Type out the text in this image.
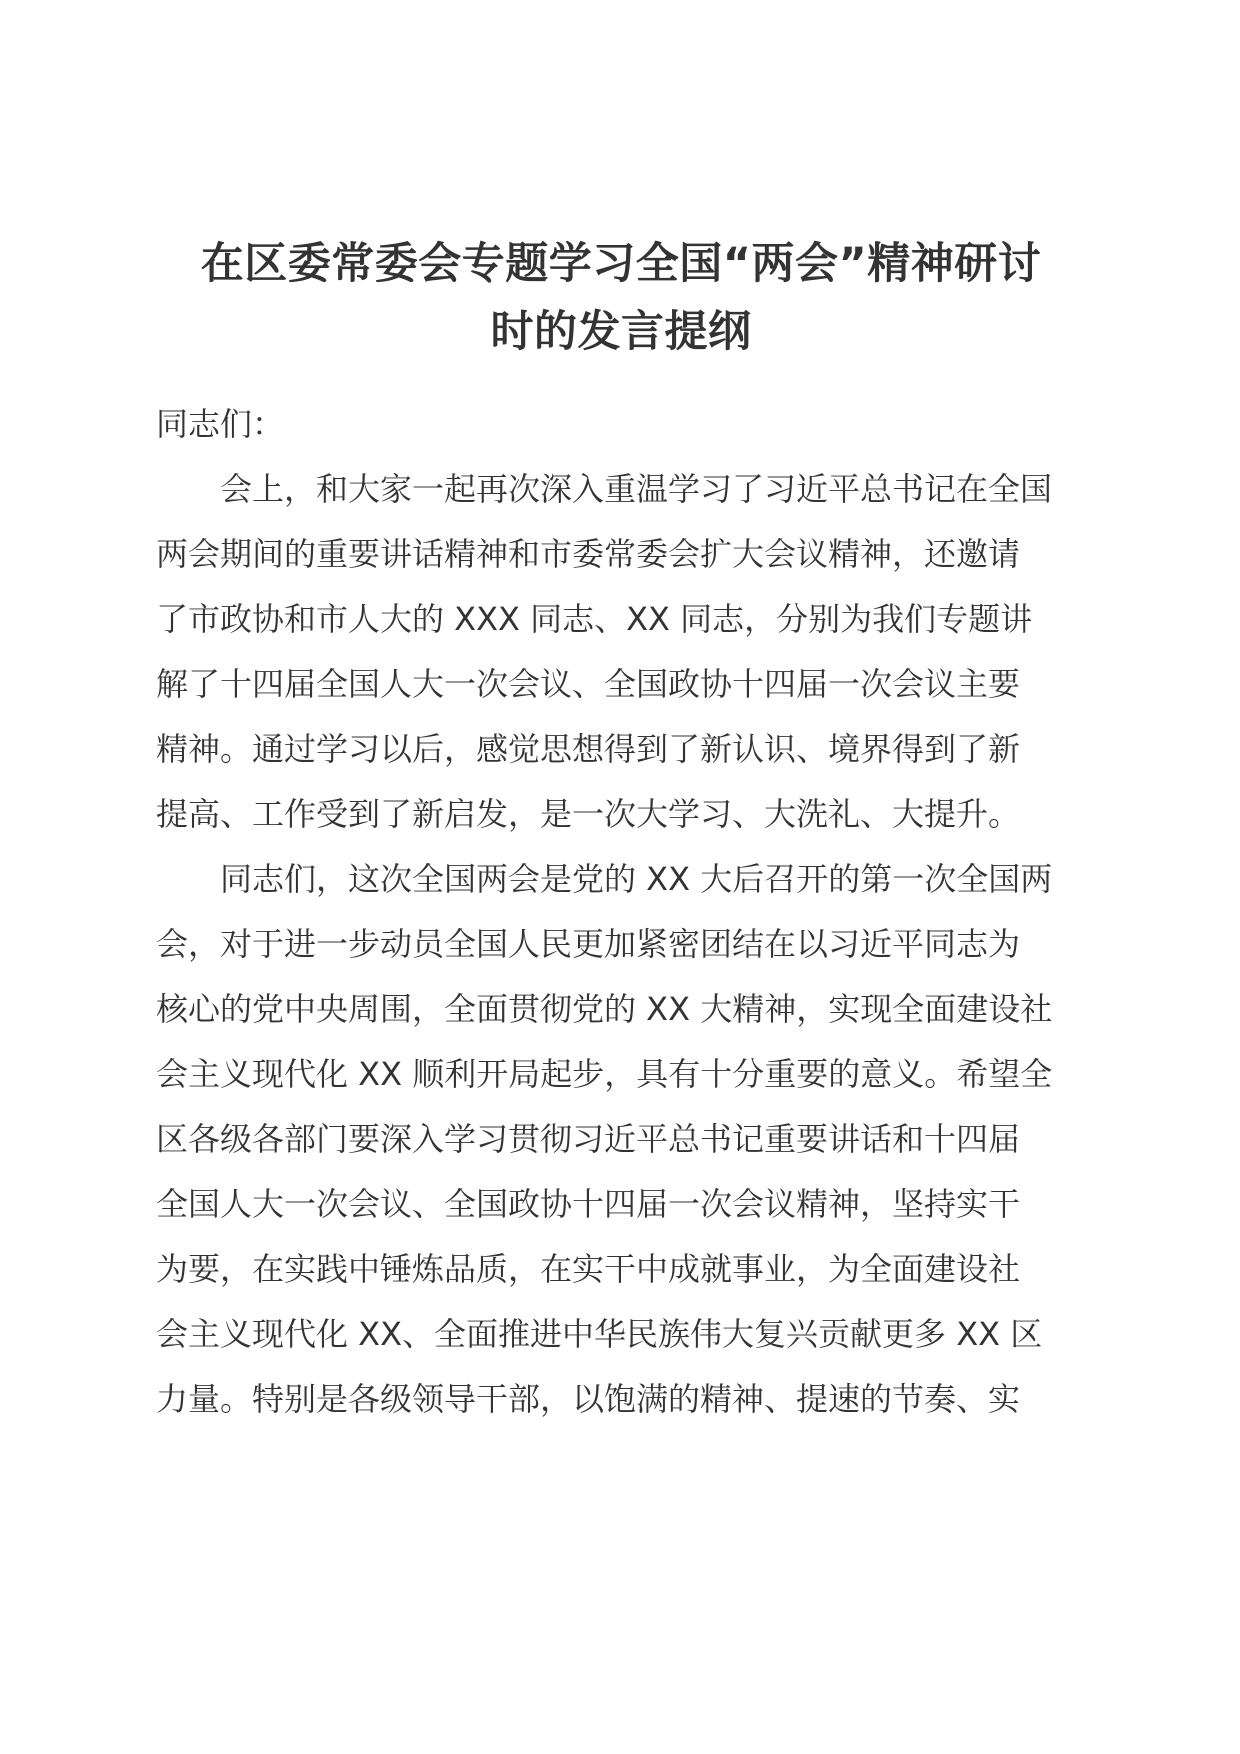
在区委常委会专题学习全国“两会”精神研讨
时的发言提纲

同志们：

会上，和大家一起再次深入重温学习了习近平总书记在全国
两会期间的重要讲话精神和市委常委会扩大会议精神，还邀请
了市政协和市人大的 XXX 同志、XX 同志，分别为我们专题讲
解了十四届全国人大一次会议、全国政协十四届一次会议主要
精神。通过学习以后，感觉思想得到了新认识、境界得到了新
提高、工作受到了新启发，是一次大学习、大洗礼、大提升。

同志们，这次全国两会是党的 XX 大后召开的第一次全国两
会，对于进一步动员全国人民更加紧密团结在以习近平同志为
核心的党中央周围，全面贯彻党的 XX 大精神，实现全面建设社
会主义现代化 XX 顺利开局起步，具有十分重要的意义。希望全
区各级各部门要深入学习贯彻习近平总书记重要讲话和十四届
全国人大一次会议、全国政协十四届一次会议精神，坚持实干
为要，在实践中锤炼品质，在实干中成就事业，为全面建设社
会主义现代化 XX、全面推进中华民族伟大复兴贡献更多 XX 区
力量。特别是各级领导干部，以饱满的精神、提速的节奏、实
